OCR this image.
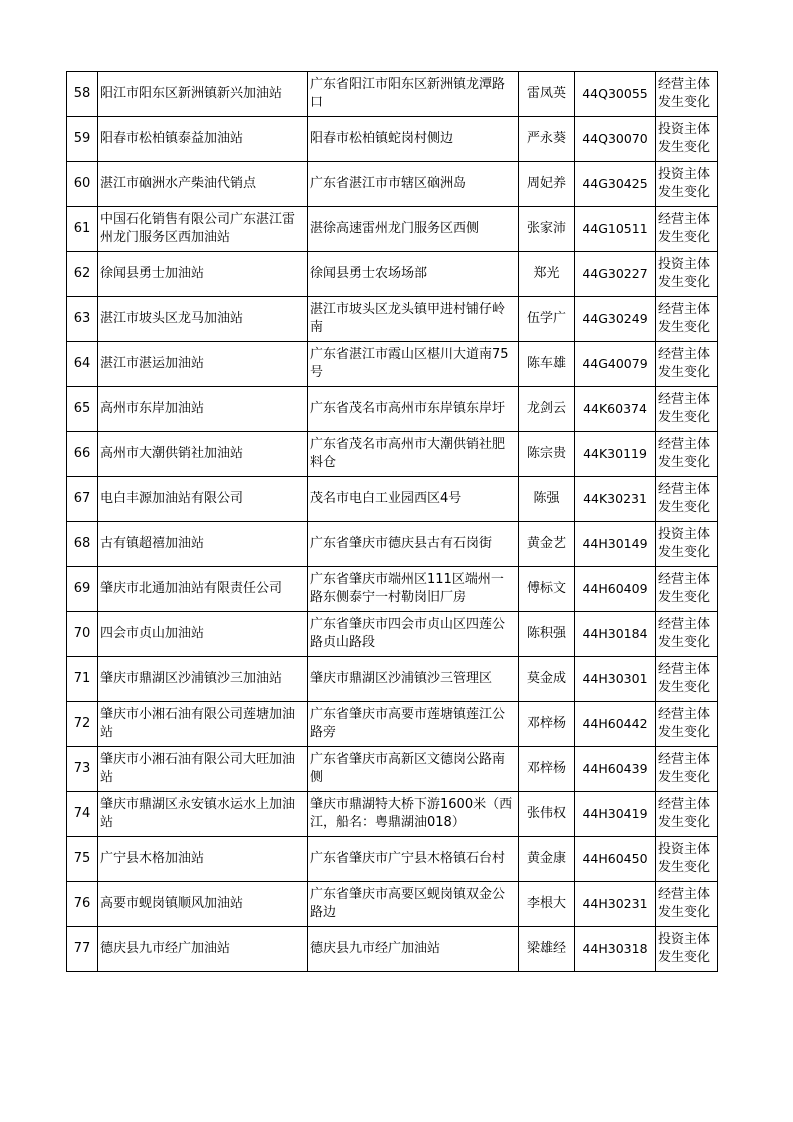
58	阳江市阳东区新洲镇新兴加油站	广东省阳江市阳东区新洲镇龙潭路口	雷凤英	44Q30055	经营主体发生变化
59	阳春市松柏镇泰益加油站	阳春市松柏镇蛇岗村侧边	严永葵	44Q30070	投资主体发生变化
60	湛江市硇洲水产柴油代销点	广东省湛江市市辖区硇洲岛	周妃养	44G30425	投资主体发生变化
61	中国石化销售有限公司广东湛江雷州龙门服务区西加油站	湛徐高速雷州龙门服务区西侧	张家沛	44G10511	经营主体发生变化
62	徐闻县勇士加油站	徐闻县勇士农场场部	郑光	44G30227	投资主体发生变化
63	湛江市坡头区龙马加油站	湛江市坡头区龙头镇甲进村铺仔岭南	伍学广	44G30249	经营主体发生变化
64	湛江市湛运加油站	广东省湛江市霞山区椹川大道南75号	陈车雄	44G40079	经营主体发生变化
65	高州市东岸加油站	广东省茂名市高州市东岸镇东岸圩	龙剑云	44K60374	经营主体发生变化
66	高州市大潮供销社加油站	广东省茂名市高州市大潮供销社肥料仓	陈宗贵	44K30119	经营主体发生变化
67	电白丰源加油站有限公司	茂名市电白工业园西区4号	陈强	44K30231	经营主体发生变化
68	古有镇超禧加油站	广东省肇庆市德庆县古有石岗街	黄金艺	44H30149	投资主体发生变化
69	肇庆市北通加油站有限责任公司	广东省肇庆市端州区111区端州一路东侧泰宁一村勒岗旧厂房	傅标文	44H60409	经营主体发生变化
70	四会市贞山加油站	广东省肇庆市四会市贞山区四莲公路贞山路段	陈积强	44H30184	经营主体发生变化
71	肇庆市鼎湖区沙浦镇沙三加油站	肇庆市鼎湖区沙浦镇沙三管理区	莫金成	44H30301	经营主体发生变化
72	肇庆市小湘石油有限公司莲塘加油站	广东省肇庆市高要市莲塘镇莲江公路旁	邓梓杨	44H60442	经营主体发生变化
73	肇庆市小湘石油有限公司大旺加油站	广东省肇庆市高新区文德岗公路南侧	邓梓杨	44H60439	经营主体发生变化
74	肇庆市鼎湖区永安镇水运水上加油站	肇庆市鼎湖特大桥下游1600米（西江，船名：粤鼎湖油018）	张伟权	44H30419	经营主体发生变化
75	广宁县木格加油站	广东省肇庆市广宁县木格镇石台村	黄金康	44H60450	投资主体发生变化
76	高要市蚬岗镇顺风加油站	广东省肇庆市高要区蚬岗镇双金公路边	李根大	44H30231	经营主体发生变化
77	德庆县九市经广加油站	德庆县九市经广加油站	梁雄经	44H30318	投资主体发生变化
